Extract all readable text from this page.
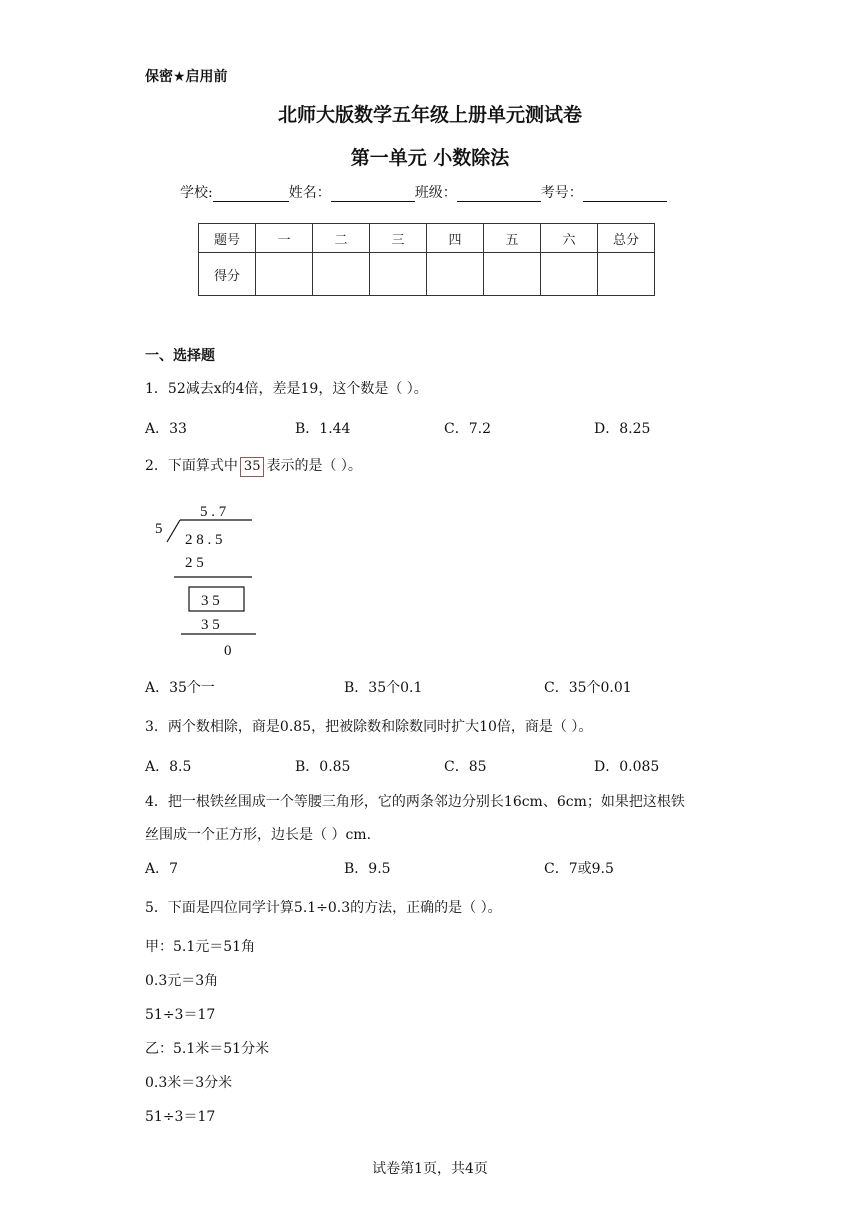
保密★启用前
北师大版数学五年级上册单元测试卷
第一单元 小数除法
学校:	姓名：	班级：	考号：
题号	一	二	三	四	五	六	总分
得分							
一、选择题
1．52减去x的4倍，差是19，这个数是（ ）。
A．33	B．1.44	C．7.2	D．8.25
2．下面算式中 35 表示的是（ ）。
5 . 7
5
2 8 . 5
2 5
3 5
3 5
0
A．35个一	B．35个0.1	C．35个0.01
3．两个数相除，商是0.85，把被除数和除数同时扩大10倍，商是（ ）。
A．8.5	B．0.85	C．85	D．0.085
4．把一根铁丝围成一个等腰三角形，它的两条邻边分别长16cm、6cm；如果把这根铁
丝围成一个正方形，边长是（ ）cm.
A．7	B．9.5	C．7或9.5
5．下面是四位同学计算5.1÷0.3的方法，正确的是（ ）。
甲：5.1元＝51角
0.3元＝3角
51÷3＝17
乙：5.1米＝51分米
0.3米＝3分米
51÷3＝17
试卷第1页，共4页
